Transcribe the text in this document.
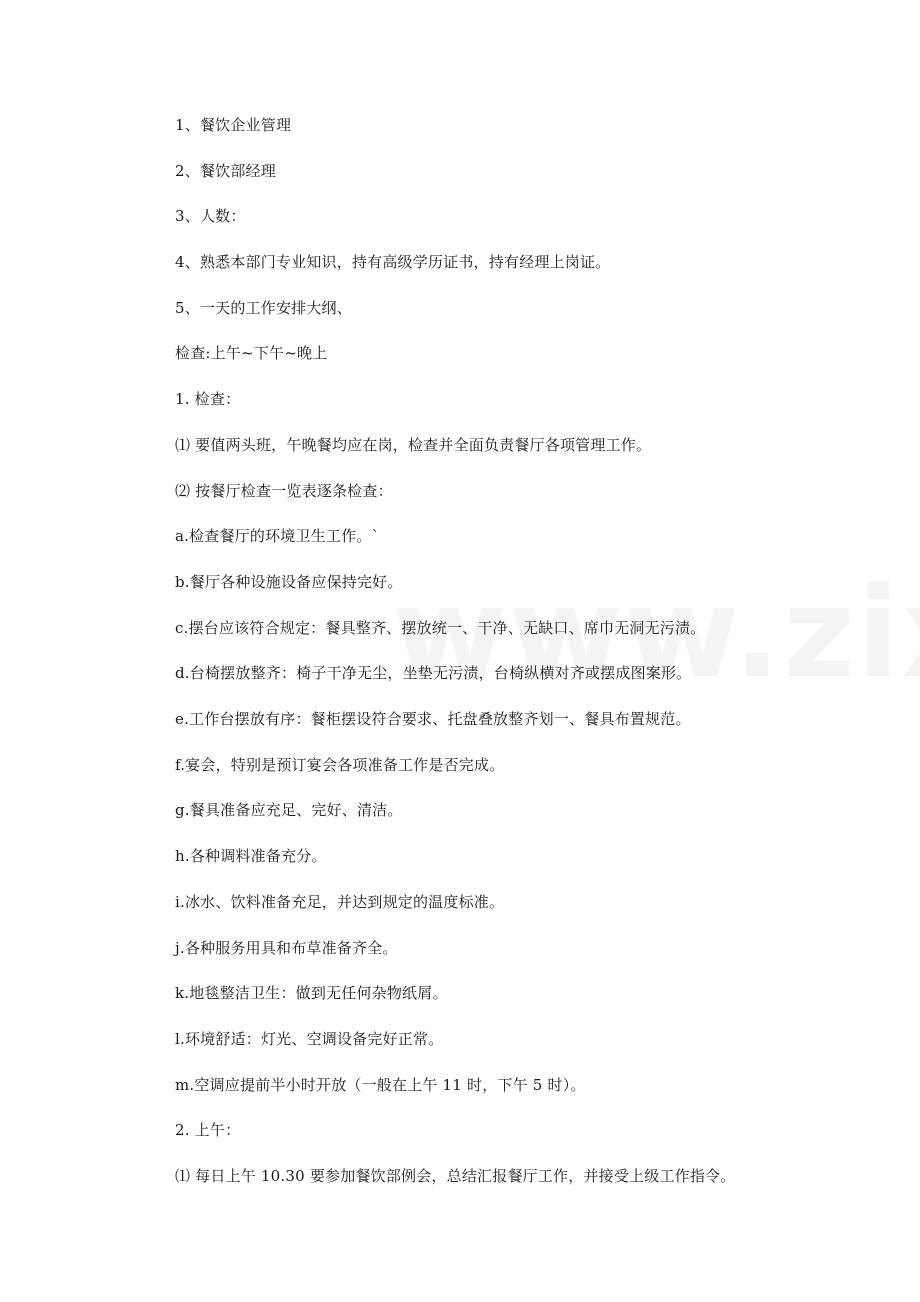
1、餐饮企业管理
2、餐饮部经理
3、人数：
4、熟悉本部门专业知识，持有高级学历证书，持有经理上岗证。
5、一天的工作安排大纲、
检查:上午~下午~晚上
1. 检查：
⑴ 要值两头班，午晚餐均应在岗，检查并全面负责餐厅各项管理工作。
⑵ 按餐厅检查一览表逐条检查：
a.检查餐厅的环境卫生工作。`
b.餐厅各种设施设备应保持完好。
c.摆台应该符合规定：餐具整齐、摆放统一、干净、无缺口、席巾无洞无污渍。
d.台椅摆放整齐：椅子干净无尘，坐垫无污渍，台椅纵横对齐或摆成图案形。
e.工作台摆放有序：餐柜摆设符合要求、托盘叠放整齐划一、餐具布置规范。
f.宴会，特别是预订宴会各项准备工作是否完成。
g.餐具准备应充足、完好、清洁。
h.各种调料准备充分。
i.冰水、饮料准备充足，并达到规定的温度标准。
j.各种服务用具和布草准备齐全。
k.地毯整洁卫生：做到无任何杂物纸屑。
l.环境舒适：灯光、空调设备完好正常。
m.空调应提前半小时开放（一般在上午 11 时，下午 5 时）。
2. 上午：
⑴ 每日上午 10.30 要参加餐饮部例会，总结汇报餐厅工作，并接受上级工作指令。
